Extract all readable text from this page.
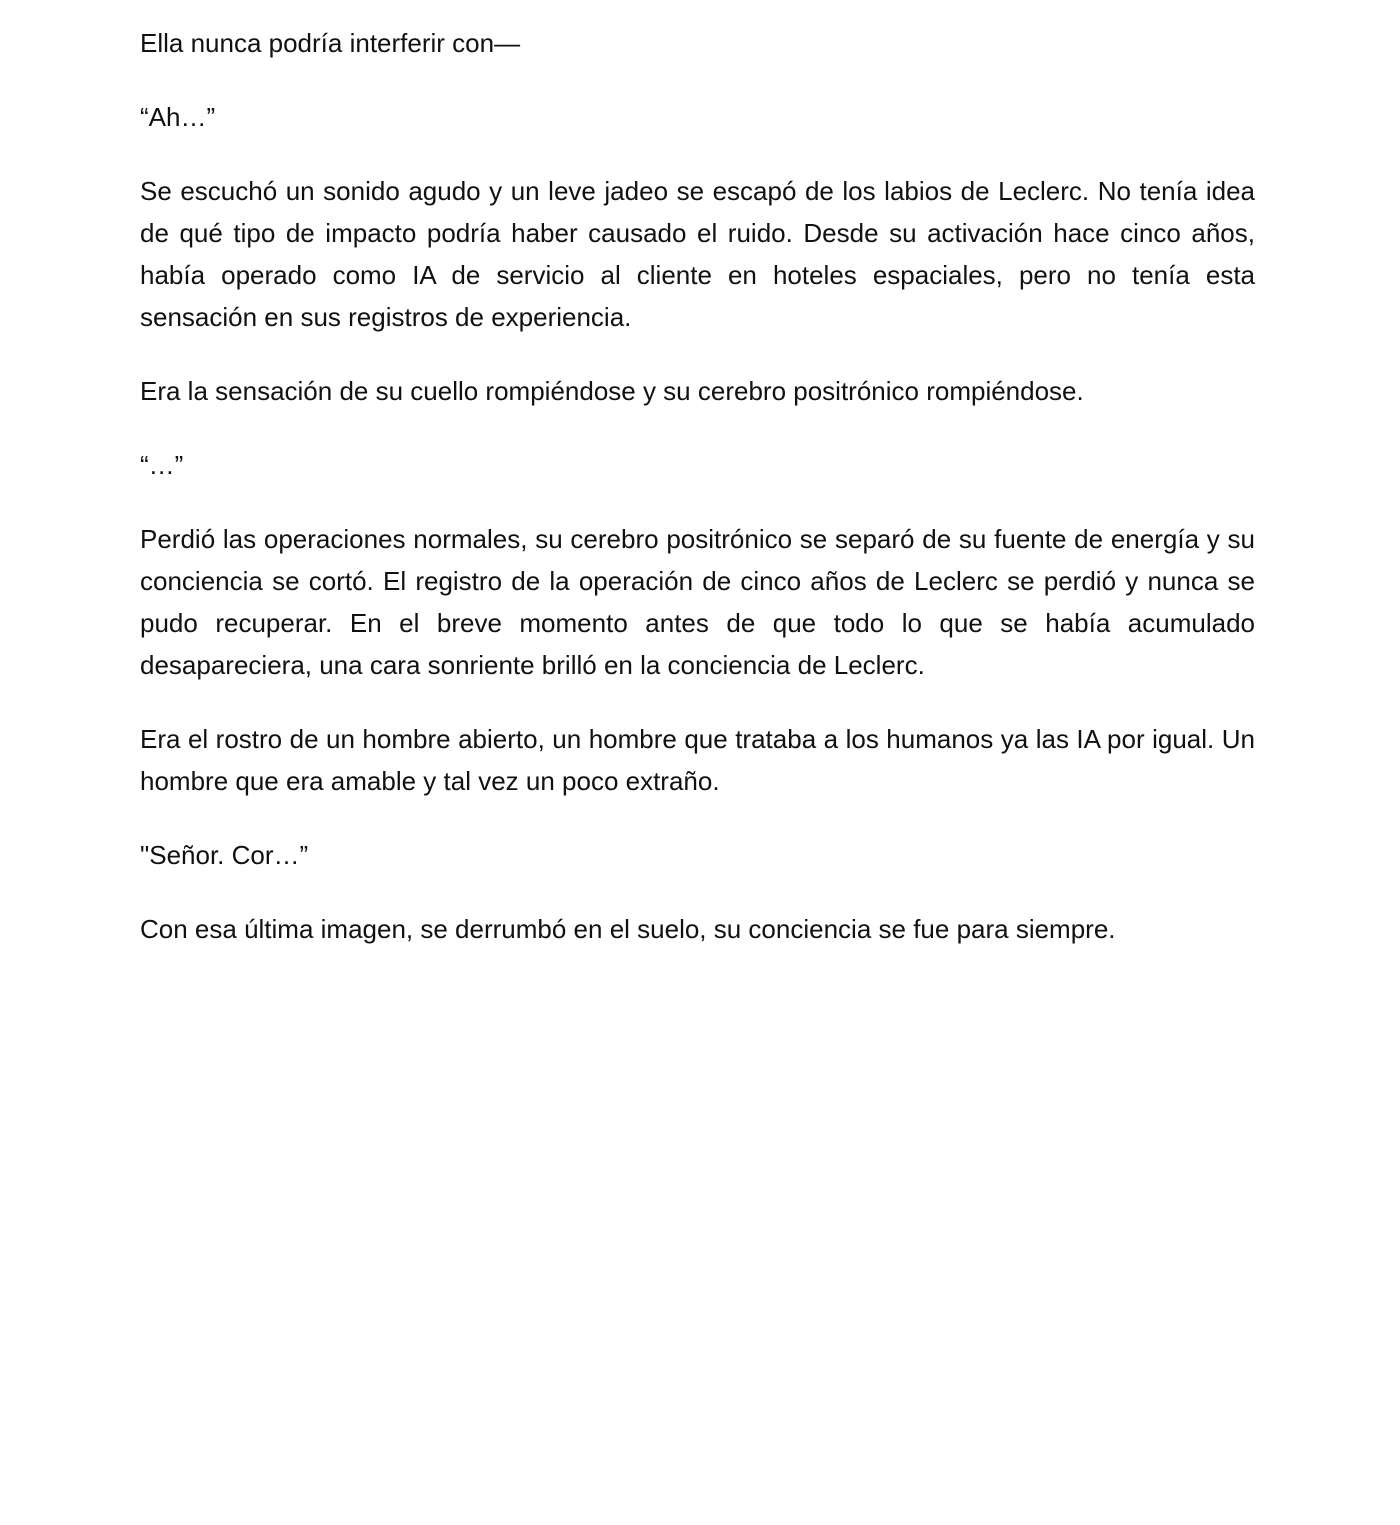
Ella nunca podría interferir con—

“Ah…”

Se escuchó un sonido agudo y un leve jadeo se escapó de los labios de Leclerc. No tenía idea de qué tipo de impacto podría haber causado el ruido. Desde su activación hace cinco años, había operado como IA de servicio al cliente en hoteles espaciales, pero no tenía esta sensación en sus registros de experiencia.

Era la sensación de su cuello rompiéndose y su cerebro positrónico rompiéndose.

“…”

Perdió las operaciones normales, su cerebro positrónico se separó de su fuente de energía y su conciencia se cortó. El registro de la operación de cinco años de Leclerc se perdió y nunca se pudo recuperar. En el breve momento antes de que todo lo que se había acumulado desapareciera, una cara sonriente brilló en la conciencia de Leclerc.

Era el rostro de un hombre abierto, un hombre que trataba a los humanos ya las IA por igual. Un hombre que era amable y tal vez un poco extraño.

"Señor. Cor…”

Con esa última imagen, se derrumbó en el suelo, su conciencia se fue para siempre.
